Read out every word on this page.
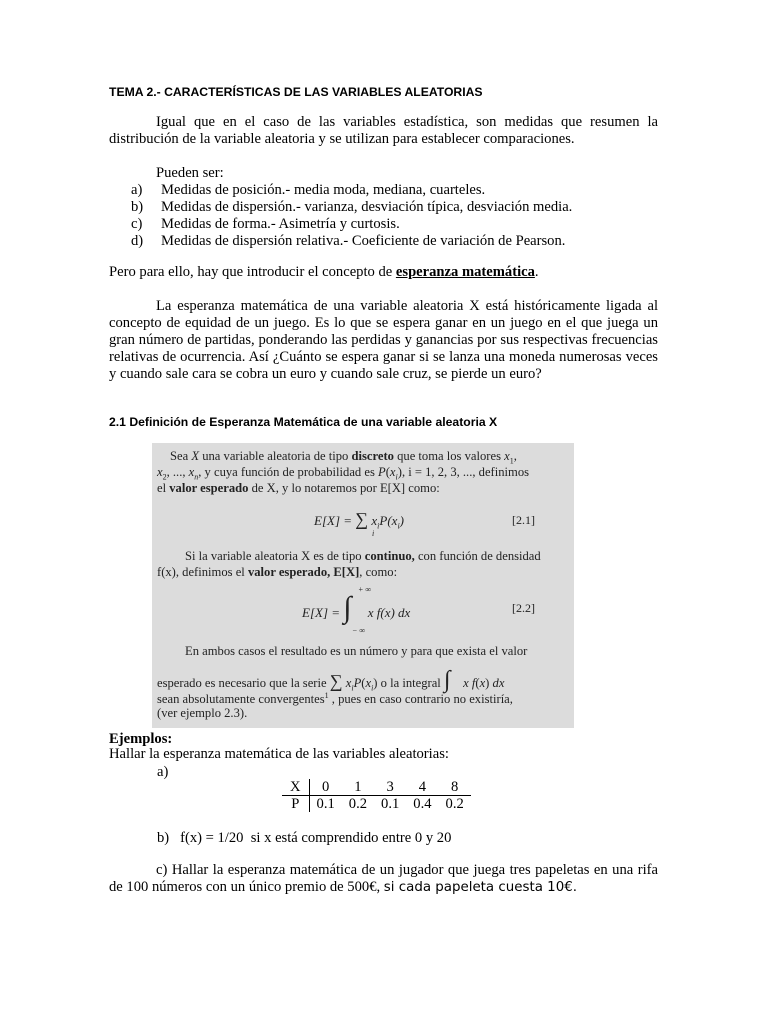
TEMA 2.- CARACTERÍSTICAS DE LAS VARIABLES ALEATORIAS
Igual que en el caso de las variables estadística, son medidas que resumen la distribución de la variable aleatoria y se utilizan para establecer comparaciones.
Pueden ser:
a)	Medidas de posición.- media moda, mediana, cuarteles.
b)	Medidas de dispersión.- varianza, desviación típica, desviación media.
c)	Medidas de forma.- Asimetría y curtosis.
d)	Medidas de dispersión relativa.- Coeficiente de variación de Pearson.
Pero para ello, hay que introducir el concepto de esperanza matemática.
La esperanza matemática de una variable aleatoria X está históricamente ligada al concepto de equidad de un juego. Es lo que se espera ganar en un juego en el que juega un gran número de partidas, ponderando las perdidas y ganancias por sus respectivas frecuencias relativas de ocurrencia. Así ¿Cuánto se espera ganar si se lanza una moneda numerosas veces y cuando sale cara se cobra un euro y cuando sale cruz, se pierde un euro?
2.1 Definición de Esperanza Matemática de una variable aleatoria X
Sea X una variable aleatoria de tipo discreto que toma los valores $x_1$,
$x_2$, ..., $x_n$, y cuya función de probabilidad es $P(x_i)$, i = 1, 2, 3, ..., definimos
el valor esperado de X, y lo notaremos por E[X] como:
E[X] = ∑ $x_iP(x_i)$
i
[2.1]
Si la variable aleatoria X es de tipo continuo, con función de densidad
f(x), definimos el valor esperado, E[X], como:
E[X] = ∫     x f(x) dx
+ ∞
− ∞
[2.2]
En ambos casos el resultado es un número y para que exista el valor
esperado es necesario que la serie ∑ $x_iP(x_i)$ o la integral ∫ x f(x) dx
sean absolutamente convergentes$^1$ , pues en caso contrario no existiría,
(ver ejemplo 2.3).
Ejemplos:
Hallar la esperanza matemática de las variables aleatorias:
a)
X	0	1	3	4	8
P	0.1	0.2	0.1	0.4	0.2
b)   f(x) = 1/20  si x está comprendido entre 0 y 20
c) Hallar la esperanza matemática de un jugador que juega tres papeletas en una rifa de 100 números con un único premio de 500€, si cada papeleta cuesta 10€.
